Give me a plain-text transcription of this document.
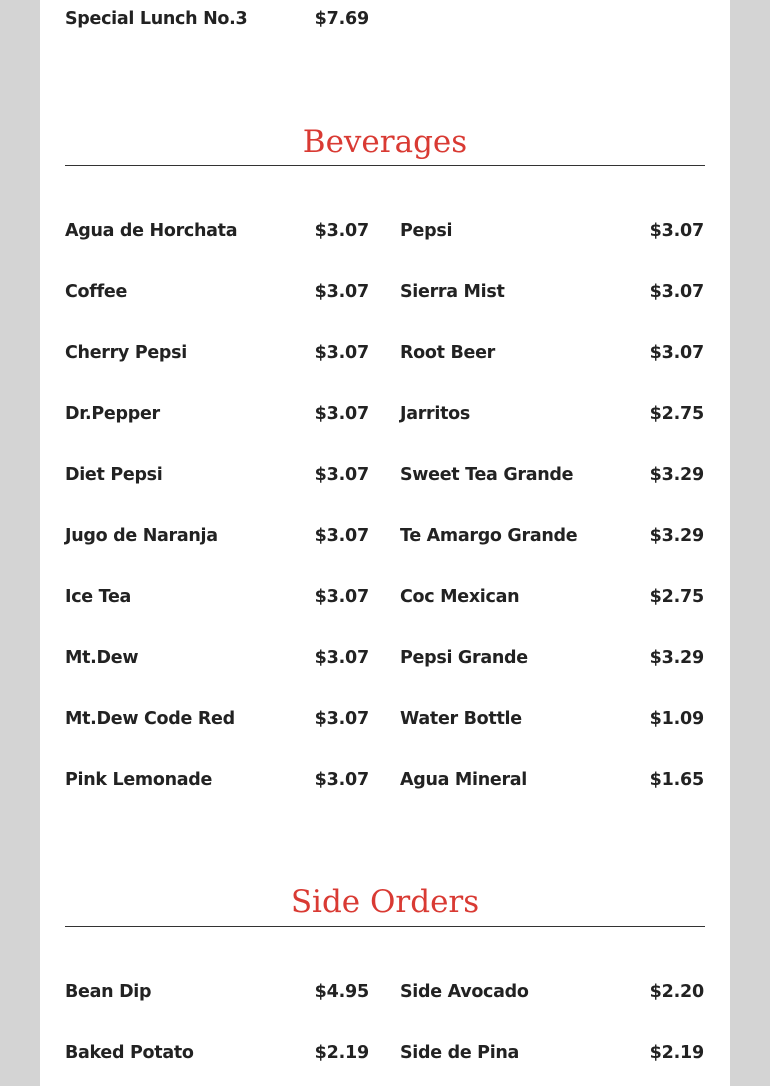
Special Lunch No.3	$7.69
Beverages
Agua de Horchata	$3.07
Coffee	$3.07
Cherry Pepsi	$3.07
Dr.Pepper	$3.07
Diet Pepsi	$3.07
Jugo de Naranja	$3.07
Ice Tea	$3.07
Mt.Dew	$3.07
Mt.Dew Code Red	$3.07
Pink Lemonade	$3.07
Pepsi	$3.07
Sierra Mist	$3.07
Root Beer	$3.07
Jarritos	$2.75
Sweet Tea Grande	$3.29
Te Amargo Grande	$3.29
Coc Mexican	$2.75
Pepsi Grande	$3.29
Water Bottle	$1.09
Agua Mineral	$1.65
Side Orders
Bean Dip	$4.95
Baked Potato	$2.19
Side Avocado	$2.20
Side de Pina	$2.19
